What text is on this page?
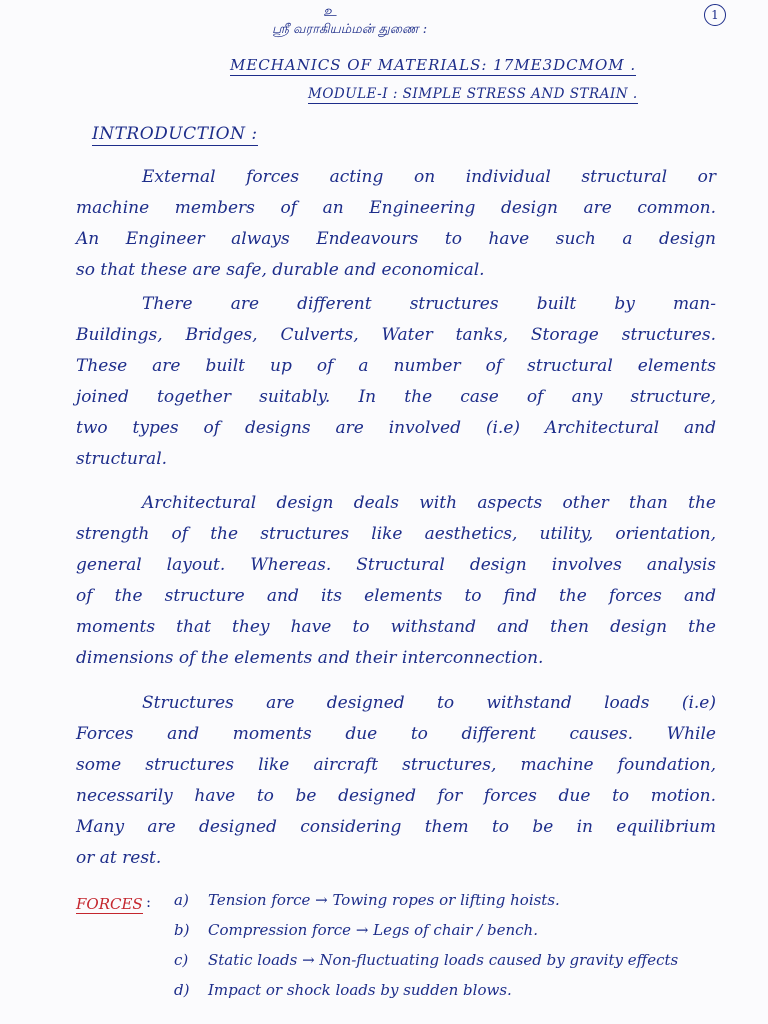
உ
ஸ்ரீ வராகியம்மன் துணை :
1
MECHANICS OF MATERIALS: 17ME3DCMOM .
MODULE-I : SIMPLE STRESS AND STRAIN .
INTRODUCTION :
External forces acting on individual structural or
machine members of an Engineering design are common.
An Engineer always Endeavours to have such a design
so that these are safe, durable and economical.
There are different structures built by man-
Buildings, Bridges, Culverts, Water tanks, Storage structures.
These are built up of a number of structural elements
joined together suitably. In the case of any structure,
two types of designs are involved (i.e) Architectural and
structural.
Architectural design deals with aspects other than the
strength of the structures like aesthetics, utility, orientation,
general layout. Whereas. Structural design involves analysis
of the structure and its elements to find the forces and
moments that they have to withstand and then design the
dimensions of the elements and their interconnection.
Structures are designed to withstand loads (i.e)
Forces and moments due to different causes. While
some structures like aircraft structures, machine foundation,
necessarily have to be designed for forces due to motion.
Many are designed considering them to be in equilibrium
or at rest.
FORCES : a) Tension force → Towing ropes or lifting hoists.
b) Compression force → Legs of chair / bench.
c) Static loads → Non-fluctuating loads caused by gravity effects
d) Impact or shock loads by sudden blows.
